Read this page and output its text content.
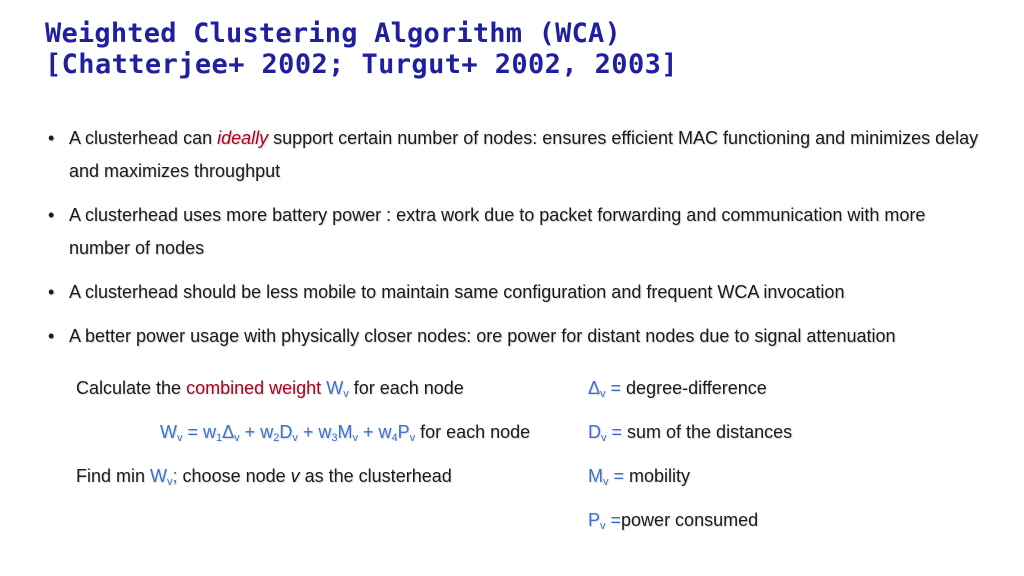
Weighted Clustering Algorithm (WCA)
[Chatterjee+ 2002; Turgut+ 2002, 2003]
• A clusterhead can ideally support certain number of nodes: ensures efficient MAC functioning and minimizes delay and maximizes throughput
• A clusterhead uses more battery power : extra work due to packet forwarding and communication with more number of nodes
• A clusterhead should be less mobile to maintain same configuration and frequent WCA invocation
• A better power usage with physically closer nodes: ore power for distant nodes due to signal attenuation
Calculate the combined weight $W_v$ for each node
$W_v = w_1\Delta_v + w_2D_v + w_3M_v + w_4P_v$ for each node
Find $\min W_v$; choose node v as the clusterhead
$\Delta_v$ = degree-difference
$D_v$ = sum of the distances
$M_v$ = mobility
$P_v$ =power consumed
